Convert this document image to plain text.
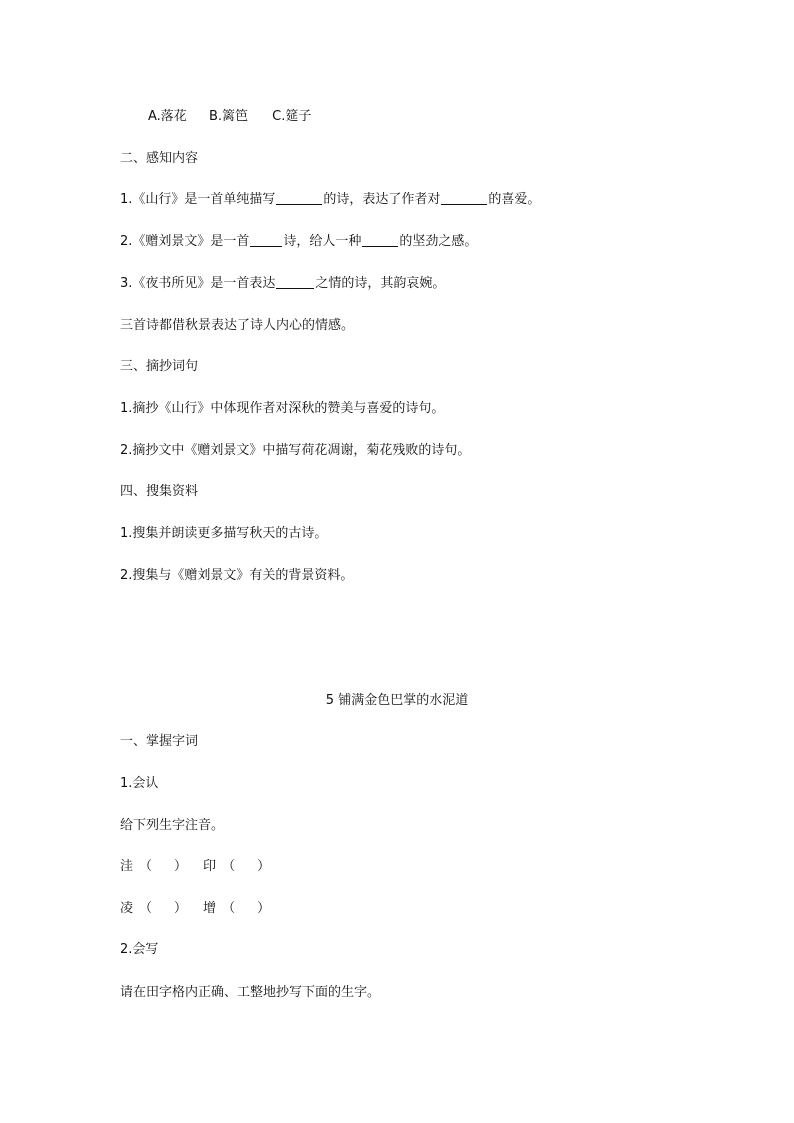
A.落花 B.篱笆 C.筵子
二、感知内容
1.《山行》是一首单纯描写	的诗，表达了作者对	的喜爱。
2.《赠刘景文》是一首	诗，给人一种	的坚劲之感。
3.《夜书所见》是一首表达	之情的诗，其韵哀婉。
三首诗都借秋景表达了诗人内心的情感。
三、摘抄词句
1.摘抄《山行》中体现作者对深秋的赞美与喜爱的诗句。
2.摘抄文中《赠刘景文》中描写荷花凋谢，菊花残败的诗句。
四、搜集资料
1.搜集并朗读更多描写秋天的古诗。
2.搜集与《赠刘景文》有关的背景资料。
5 铺满金色巴掌的水泥道
一、掌握字词
1.会认
给下列生字注音。
洼 （ ） 印 （ ）
凌 （ ） 增 （ ）
2.会写
请在田字格内正确、工整地抄写下面的生字。
